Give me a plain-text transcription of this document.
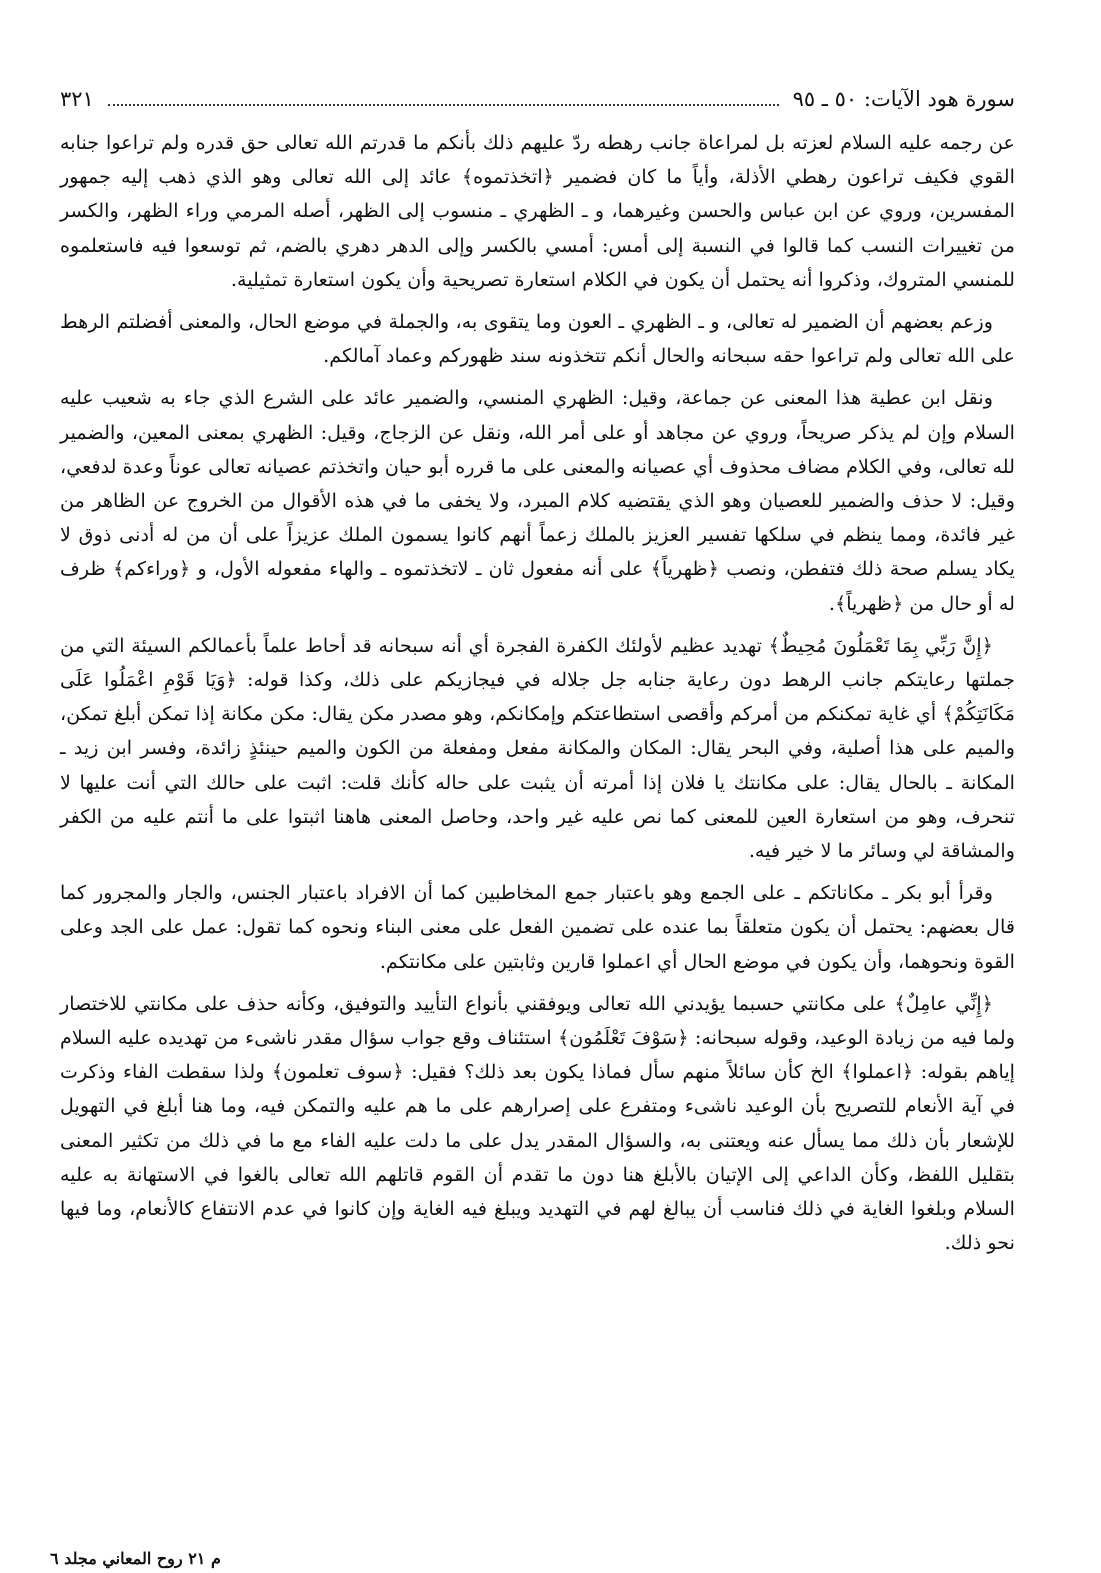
سورة هود الآيات: ٥٠ ـ ٩٥
٣٢١

عن رجمه عليه السلام لعزته بل لمراعاة جانب رهطه ردّ عليهم ذلك بأنكم ما قدرتم الله تعالى حق قدره ولم تراعوا جنابه القوي فكيف تراعون رهطي الأذلة، وأياً ما كان فضمير ﴿اتخذتموه﴾ عائد إلى الله تعالى وهو الذي ذهب إليه جمهور المفسرين، وروي عن ابن عباس والحسن وغيرهما، و ـ الظهري ـ منسوب إلى الظهر، أصله المرمي وراء الظهر، والكسر من تغييرات النسب كما قالوا في النسبة إلى أمس: أمسي بالكسر وإلى الدهر دهري بالضم، ثم توسعوا فيه فاستعلموه للمنسي المتروك، وذكروا أنه يحتمل أن يكون في الكلام استعارة تصريحية وأن يكون استعارة تمثيلية.

وزعم بعضهم أن الضمير له تعالى، و ـ الظهري ـ العون وما يتقوى به، والجملة في موضع الحال، والمعنى أفضلتم الرهط على الله تعالى ولم تراعوا حقه سبحانه والحال أنكم تتخذونه سند ظهوركم وعماد آمالكم.

ونقل ابن عطية هذا المعنى عن جماعة، وقيل: الظهري المنسي، والضمير عائد على الشرع الذي جاء به شعيب عليه السلام وإن لم يذكر صريحاً، وروي عن مجاهد أو على أمر الله، ونقل عن الزجاج، وقيل: الظهري بمعنى المعين، والضمير لله تعالى، وفي الكلام مضاف محذوف أي عصيانه والمعنى على ما قرره أبو حيان واتخذتم عصيانه تعالى عوناً وعدة لدفعي، وقيل: لا حذف والضمير للعصيان وهو الذي يقتضيه كلام المبرد، ولا يخفى ما في هذه الأقوال من الخروج عن الظاهر من غير فائدة، ومما ينظم في سلكها تفسير العزيز بالملك زعماً أنهم كانوا يسمون الملك عزيزاً على أن من له أدنى ذوق لا يكاد يسلم صحة ذلك فتفطن، ونصب ﴿ظهرياً﴾ على أنه مفعول ثان ـ لاتخذتموه ـ والهاء مفعوله الأول، و ﴿وراءكم﴾ ظرف له أو حال من ﴿ظهرياً﴾.

﴿إِنَّ رَبِّي بِمَا تَعْمَلُونَ مُحِيطٌ﴾ تهديد عظيم لأولئك الكفرة الفجرة أي أنه سبحانه قد أحاط علماً بأعمالكم السيئة التي من جملتها رعايتكم جانب الرهط دون رعاية جنابه جل جلاله في فيجازيكم على ذلك، وكذا قوله: ﴿وَيَا قَوْمِ اعْمَلُوا عَلَى مَكَانَتِكُمْ﴾ أي غاية تمكنكم من أمركم وأقصى استطاعتكم وإمكانكم، وهو مصدر مكن يقال: مكن مكانة إذا تمكن أبلغ تمكن، والميم على هذا أصلية، وفي البحر يقال: المكان والمكانة مفعل ومفعلة من الكون والميم حينئذٍ زائدة، وفسر ابن زيد ـ المكانة ـ بالحال يقال: على مكانتك يا فلان إذا أمرته أن يثبت على حاله كأنك قلت: اثبت على حالك التي أنت عليها لا تنحرف، وهو من استعارة العين للمعنى كما نص عليه غير واحد، وحاصل المعنى هاهنا اثبتوا على ما أنتم عليه من الكفر والمشاقة لي وسائر ما لا خير فيه.

وقرأ أبو بكر ـ مكاناتكم ـ على الجمع وهو باعتبار جمع المخاطبين كما أن الافراد باعتبار الجنس، والجار والمجرور كما قال بعضهم: يحتمل أن يكون متعلقاً بما عنده على تضمين الفعل على معنى البناء ونحوه كما تقول: عمل على الجد وعلى القوة ونحوهما، وأن يكون في موضع الحال أي اعملوا قارين وثابتين على مكانتكم.

﴿إِنِّي عامِلٌ﴾ على مكانتي حسبما يؤيدني الله تعالى ويوفقني بأنواع التأييد والتوفيق، وكأنه حذف على مكانتي للاختصار ولما فيه من زيادة الوعيد، وقوله سبحانه: ﴿سَوْفَ تَعْلَمُون﴾ استئناف وقع جواب سؤال مقدر ناشىء من تهديده عليه السلام إياهم بقوله: ﴿اعملوا﴾ الخ كأن سائلاً منهم سأل فماذا يكون بعد ذلك؟ فقيل: ﴿سوف تعلمون﴾ ولذا سقطت الفاء وذكرت في آية الأنعام للتصريح بأن الوعيد ناشىء ومتفرع على إصرارهم على ما هم عليه والتمكن فيه، وما هنا أبلغ في التهويل للإشعار بأن ذلك مما يسأل عنه ويعتنى به، والسؤال المقدر يدل على ما دلت عليه الفاء مع ما في ذلك من تكثير المعنى بتقليل اللفظ، وكأن الداعي إلى الإتيان بالأبلغ هنا دون ما تقدم أن القوم قاتلهم الله تعالى بالغوا في الاستهانة به عليه السلام وبلغوا الغاية في ذلك فناسب أن يبالغ لهم في التهديد ويبلغ فيه الغاية وإن كانوا في عدم الانتفاع كالأنعام، وما فيها نحو ذلك.

م ٢١ روح المعاني مجلد ٦
